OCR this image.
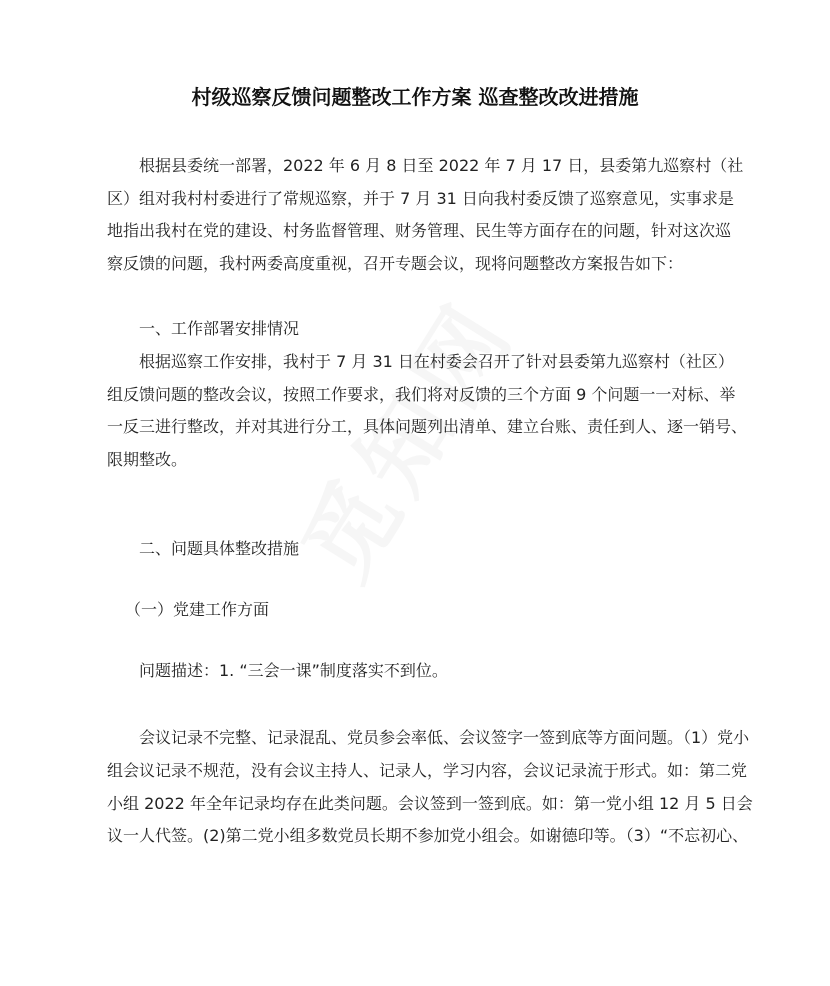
村级巡察反馈问题整改工作方案 巡查整改改进措施
根据县委统一部署，2022 年 6 月 8 日至 2022 年 7 月 17 日，县委第九巡察村（社
区）组对我村村委进行了常规巡察，并于 7 月 31 日向我村委反馈了巡察意见，实事求是
地指出我村在党的建设、村务监督管理、财务管理、民生等方面存在的问题，针对这次巡
察反馈的问题，我村两委高度重视，召开专题会议，现将问题整改方案报告如下：
一、工作部署安排情况
根据巡察工作安排，我村于 7 月 31 日在村委会召开了针对县委第九巡察村（社区）
组反馈问题的整改会议，按照工作要求，我们将对反馈的三个方面 9 个问题一一对标、举
一反三进行整改，并对其进行分工，具体问题列出清单、建立台账、责任到人、逐一销号、
限期整改。
二、问题具体整改措施
（一）党建工作方面
问题描述：1. “三会一课”制度落实不到位。
会议记录不完整、记录混乱、党员参会率低、会议签字一签到底等方面问题。（1）党小
组会议记录不规范，没有会议主持人、记录人，学习内容，会议记录流于形式。如：第二党
小组 2022 年全年记录均存在此类问题。会议签到一签到底。如：第一党小组 12 月 5 日会
议一人代签。(2)第二党小组多数党员长期不参加党小组会。如谢德印等。（3）“不忘初心、
